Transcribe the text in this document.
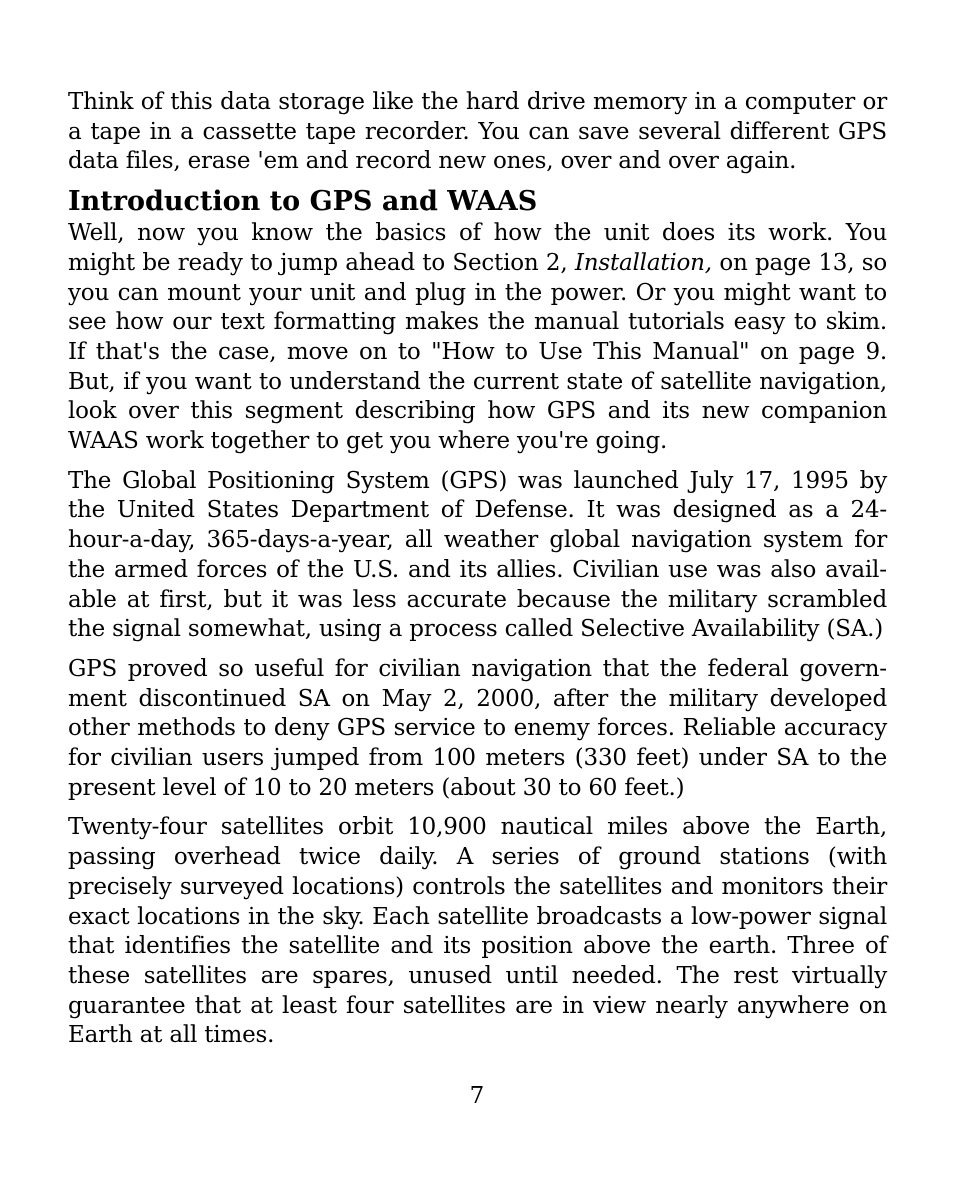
Think of this data storage like the hard drive memory in a computer or a tape in a cassette tape recorder. You can save several different GPS data files, erase 'em and record new ones, over and over again.

Introduction to GPS and WAAS

Well, now you know the basics of how the unit does its work. You might be ready to jump ahead to Section 2, Installation, on page 13, so you can mount your unit and plug in the power. Or you might want to see how our text formatting makes the manual tutorials easy to skim. If that's the case, move on to "How to Use This Manual" on page 9. But, if you want to understand the current state of satellite navigation, look over this segment describing how GPS and its new companion WAAS work together to get you where you're going.

The Global Positioning System (GPS) was launched July 17, 1995 by the United States Department of Defense. It was designed as a 24-hour-a-day, 365-days-a-year, all weather global navigation system for the armed forces of the U.S. and its allies. Civilian use was also available at first, but it was less accurate because the military scrambled the signal somewhat, using a process called Selective Availability (SA.)

GPS proved so useful for civilian navigation that the federal government discontinued SA on May 2, 2000, after the military developed other methods to deny GPS service to enemy forces. Reliable accuracy for civilian users jumped from 100 meters (330 feet) under SA to the present level of 10 to 20 meters (about 30 to 60 feet.)

Twenty-four satellites orbit 10,900 nautical miles above the Earth, passing overhead twice daily. A series of ground stations (with precisely surveyed locations) controls the satellites and monitors their exact locations in the sky. Each satellite broadcasts a low-power signal that identifies the satellite and its position above the earth. Three of these satellites are spares, unused until needed. The rest virtually guarantee that at least four satellites are in view nearly anywhere on Earth at all times.

7
